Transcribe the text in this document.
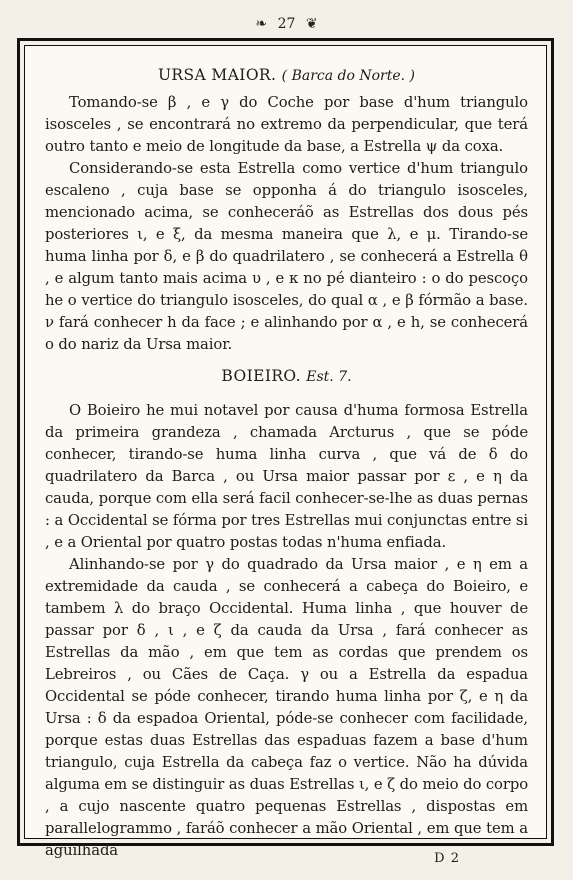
❧ 27 ❦
URSA MAIOR. ( Barca do Norte. )

Tomando-se β , e γ do Coche por base d'hum triangulo isosceles , se encontrará no extremo da perpendicular, que terá outro tanto e meio de longitude da base, a Estrella ψ da coxa.

Considerando-se esta Estrella como vertice d'hum triangulo escaleno , cuja base se opponha á do triangulo isosceles, mencionado acima, se conheceráõ as Estrellas dos dous pés posteriores ι, e ξ, da mesma maneira que λ, e μ. Tirando-se huma linha por δ, e β do quadrilatero , se conhecerá a Estrella θ , e algum tanto mais acima υ , e κ no pé dianteiro : ο do pescoço he o vertice do triangulo isosceles, do qual α , e β fórmão a base. ν fará conhecer h da face ; e alinhando por α , e h, se conhecerá ο do nariz da Ursa maior.

BOIEIRO. Est. 7.

O Boieiro he mui notavel por causa d'huma formosa Estrella da primeira grandeza , chamada Arcturus , que se póde conhecer, tirando-se huma linha curva , que vá de δ do quadrilatero da Barca , ou Ursa maior passar por ε , e η da cauda, porque com ella será facil conhecer-se-lhe as duas pernas : a Occidental se fórma por tres Estrellas mui conjunctas entre si , e a Oriental por quatro postas todas n'huma enfiada.

Alinhando-se por γ do quadrado da Ursa maior , e η em a extremidade da cauda , se conhecerá a cabeça do Boieiro, e tambem λ do braço Occidental. Huma linha , que houver de passar por δ , ι , e ζ da cauda da Ursa , fará conhecer as Estrellas da mão , em que tem as cordas que prendem os Lebreiros , ou Cães de Caça. γ ou a Estrella da espadua Occidental se póde conhecer, tirando huma linha por ζ, e η da Ursa : δ da espadoa Oriental, póde-se conhecer com facilidade, porque estas duas Estrellas das espaduas fazem a base d'hum triangulo, cuja Estrella da cabeça faz o vertice. Não ha dúvida alguma em se distinguir as duas Estrellas ι, e ζ do meio do corpo , a cujo nascente quatro pequenas Estrellas , dispostas em parallelogrammo , faráõ conhecer a mão Oriental , em que tem a aguilhada	D 2
